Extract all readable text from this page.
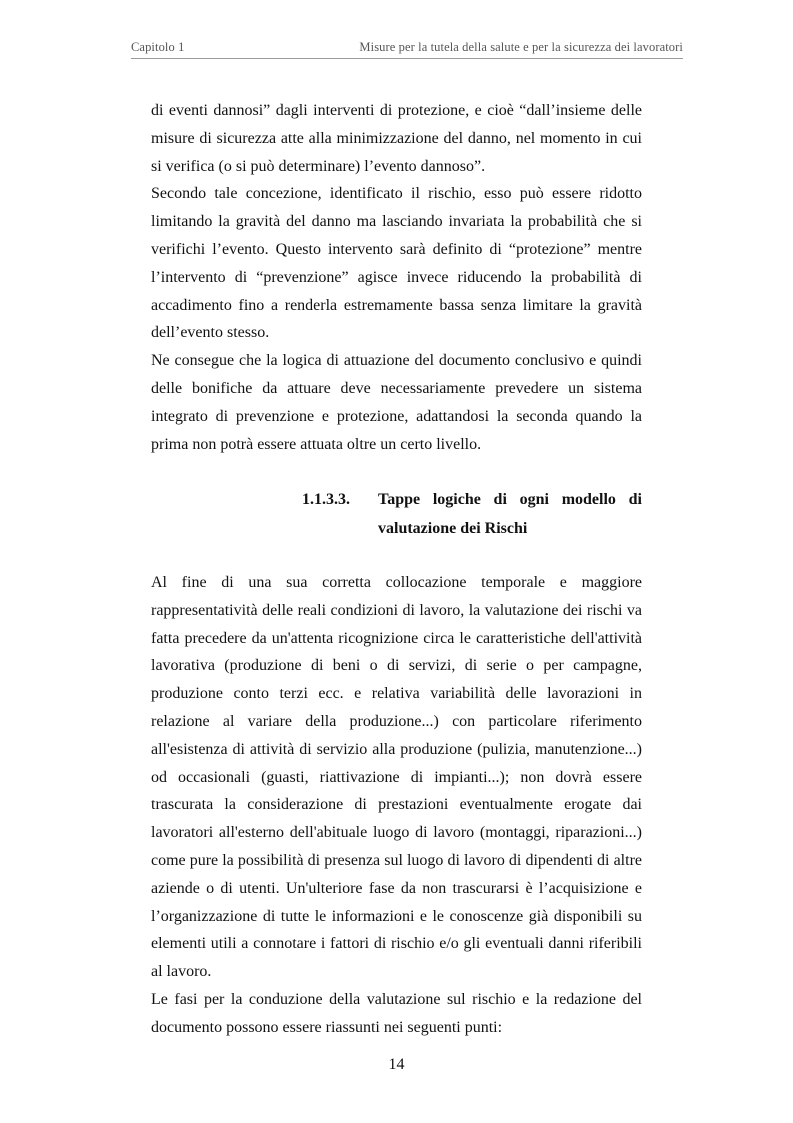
Capitolo 1	Misure per la tutela della salute e per la sicurezza dei lavoratori

di eventi dannosi” dagli interventi di protezione, e cioè “dall’insieme delle misure di sicurezza atte alla minimizzazione del danno, nel momento in cui si verifica (o si può determinare) l’evento dannoso”.

Secondo tale concezione, identificato il rischio, esso può essere ridotto limitando la gravità del danno ma lasciando invariata la probabilità che si verifichi l’evento. Questo intervento sarà definito di “protezione” mentre l’intervento di “prevenzione” agisce invece riducendo la probabilità di accadimento fino a renderla estremamente bassa senza limitare la gravità dell’evento stesso.

Ne consegue che la logica di attuazione del documento conclusivo e quindi delle bonifiche da attuare deve necessariamente prevedere un sistema integrato di prevenzione e protezione, adattandosi la seconda quando la prima non potrà essere attuata oltre un certo livello.

1.1.3.3. Tappe logiche di ogni modello di valutazione dei Rischi

Al fine di una sua corretta collocazione temporale e maggiore rappresentatività delle reali condizioni di lavoro, la valutazione dei rischi va fatta precedere da un'attenta ricognizione circa le caratteristiche dell'attività lavorativa (produzione di beni o di servizi, di serie o per campagne, produzione conto terzi ecc. e relativa variabilità delle lavorazioni in relazione al variare della produzione...) con particolare riferimento all'esistenza di attività di servizio alla produzione (pulizia, manutenzione...) od occasionali (guasti, riattivazione di impianti...); non dovrà essere trascurata la considerazione di prestazioni eventualmente erogate dai lavoratori all'esterno dell'abituale luogo di lavoro (montaggi, riparazioni...) come pure la possibilità di presenza sul luogo di lavoro di dipendenti di altre aziende o di utenti. Un'ulteriore fase da non trascurarsi è l’acquisizione e l’organizzazione di tutte le informazioni e le conoscenze già disponibili su elementi utili a connotare i fattori di rischio e/o gli eventuali danni riferibili al lavoro.

Le fasi per la conduzione della valutazione sul rischio e la redazione del documento possono essere riassunti nei seguenti punti:

14
